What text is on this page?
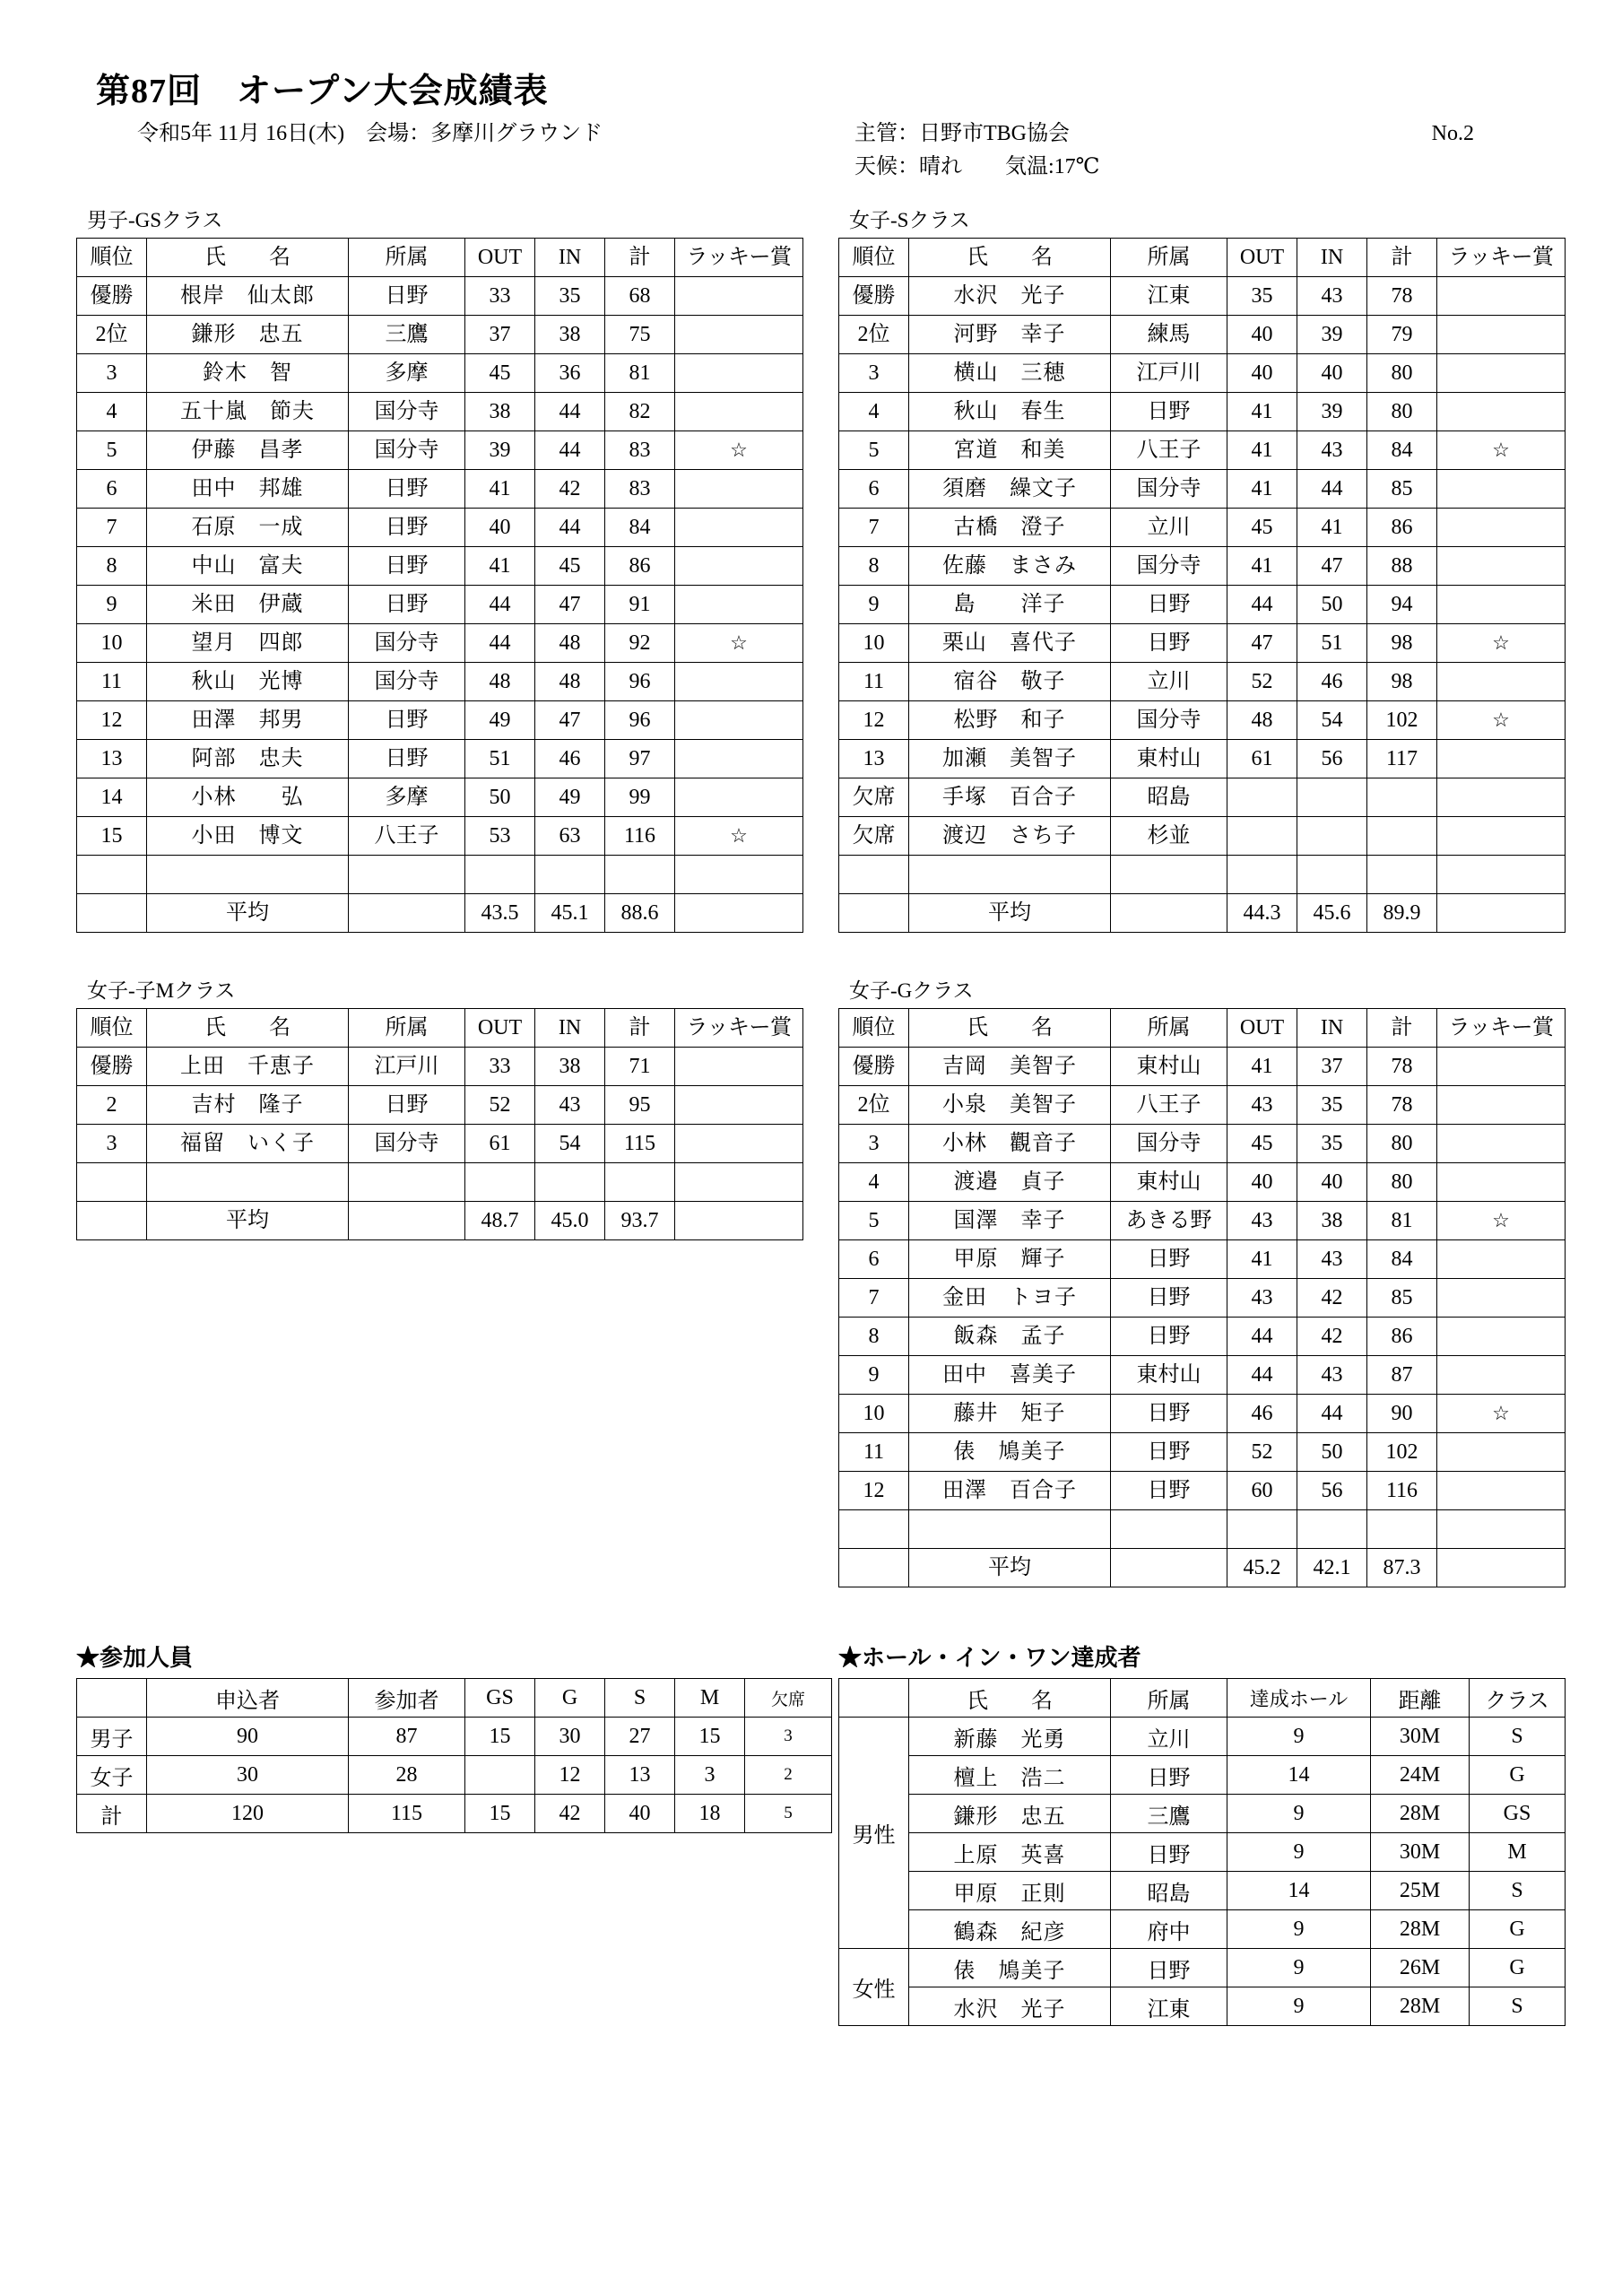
第87回　オープン大会成績表
令和5年 11月 16日(木)　会場：多摩川グラウンド	主管：日野市TBG協会
天候：晴れ　　気温:17℃
No.2
男子-GSクラス
順位	氏　　名	所属	OUT	IN	計	ラッキー賞
優勝	根岸　仙太郎	日野	33	35	68	
2位	鎌形　忠五	三鷹	37	38	75	
3	鈴木　智	多摩	45	36	81	
4	五十嵐　節夫	国分寺	38	44	82	
5	伊藤　昌孝	国分寺	39	44	83	☆
6	田中　邦雄	日野	41	42	83	
7	石原　一成	日野	40	44	84	
8	中山　富夫	日野	41	45	86	
9	米田　伊蔵	日野	44	47	91	
10	望月　四郎	国分寺	44	48	92	☆
11	秋山　光博	国分寺	48	48	96	
12	田澤　邦男	日野	49	47	96	
13	阿部　忠夫	日野	51	46	97	
14	小林　　弘	多摩	50	49	99	
15	小田　博文	八王子	53	63	116	☆

	平均		43.5	45.1	88.6	
女子-子Mクラス
順位	氏　　名	所属	OUT	IN	計	ラッキー賞
優勝	上田　千恵子	江戸川	33	38	71	
2	吉村　隆子	日野	52	43	95	
3	福留　いく子	国分寺	61	54	115	

	平均		48.7	45.0	93.7	
女子-Sクラス
順位	氏　　名	所属	OUT	IN	計	ラッキー賞
優勝	水沢　光子	江東	35	43	78	
2位	河野　幸子	練馬	40	39	79	
3	横山　三穂	江戸川	40	40	80	
4	秋山　春生	日野	41	39	80	
5	宮道　和美	八王子	41	43	84	☆
6	須磨　繰文子	国分寺	41	44	85	
7	古橋　澄子	立川	45	41	86	
8	佐藤　まさみ	国分寺	41	47	88	
9	島　　洋子	日野	44	50	94	
10	栗山　喜代子	日野	47	51	98	☆
11	宿谷　敬子	立川	52	46	98	
12	松野　和子	国分寺	48	54	102	☆
13	加瀬　美智子	東村山	61	56	117	
欠席	手塚　百合子	昭島				
欠席	渡辺　さち子	杉並				

	平均		44.3	45.6	89.9	
女子-Gクラス
順位	氏　　名	所属	OUT	IN	計	ラッキー賞
優勝	吉岡　美智子	東村山	41	37	78	
2位	小泉　美智子	八王子	43	35	78	
3	小林　觀音子	国分寺	45	35	80	
4	渡邉　貞子	東村山	40	40	80	
5	国澤　幸子	あきる野	43	38	81	☆
6	甲原　輝子	日野	41	43	84	
7	金田　トヨ子	日野	43	42	85	
8	飯森　孟子	日野	44	42	86	
9	田中　喜美子	東村山	44	43	87	
10	藤井　矩子	日野	46	44	90	☆
11	俵　鳩美子	日野	52	50	102	
12	田澤　百合子	日野	60	56	116	

	平均		45.2	42.1	87.3	
★参加人員
	申込者	参加者	GS	G	S	M	欠席
男子	90	87	15	30	27	15	3
女子	30	28		12	13	3	2
計	120	115	15	42	40	18	5
★ホール・イン・ワン達成者
	氏　　名	所属	達成ホール	距離	クラス
男性	新藤　光勇	立川	9	30M	S
	檀上　浩二	日野	14	24M	G
	鎌形　忠五	三鷹	9	28M	GS
	上原　英喜	日野	9	30M	M
	甲原　正則	昭島	14	25M	S
	鶴森　紀彦	府中	9	28M	G
女性	俵　鳩美子	日野	9	26M	G
	水沢　光子	江東	9	28M	S
